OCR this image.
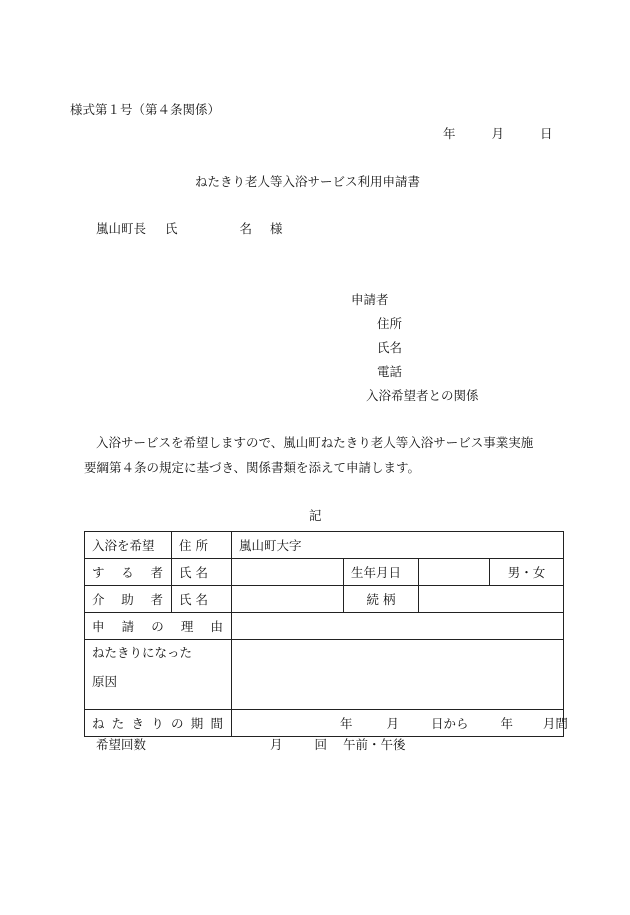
様式第１号（第４条関係）
年	月	日
ねたきり老人等入浴サービス利用申請書
嵐山町長 氏	名 様
申請者
住所
氏名
電話
入浴希望者との関係
入浴サービスを希望しますので、嵐山町ねたきり老人等入浴サービス事業実施
要綱第４条の規定に基づき、関係書類を添えて申請します。
記
入浴を希望	住 所	嵐山町大字			
す る 者	氏 名		生年月日		男・女
介 助 者	氏 名		続 柄		
申 請 の 理 由					

ねたきりになった
原因					

ね た き り の 期 間		年 月 日から 年 月間			
希望回数	月	回 午前・午後
